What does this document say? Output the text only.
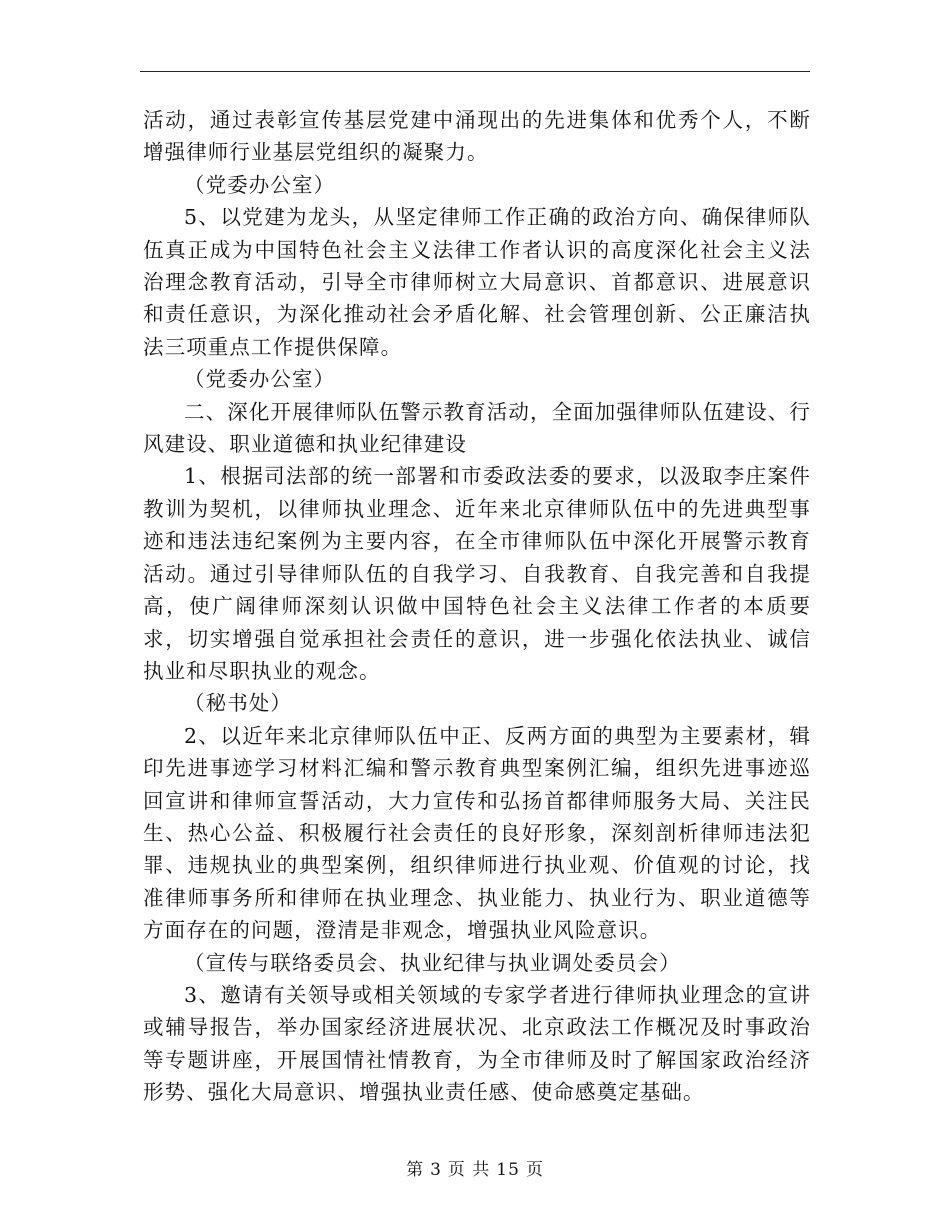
活动，通过表彰宣传基层党建中涌现出的先进集体和优秀个人，不断增强律师行业基层党组织的凝聚力。

（党委办公室）

5、以党建为龙头，从坚定律师工作正确的政治方向、确保律师队伍真正成为中国特色社会主义法律工作者认识的高度深化社会主义法治理念教育活动，引导全市律师树立大局意识、首都意识、进展意识和责任意识，为深化推动社会矛盾化解、社会管理创新、公正廉洁执法三项重点工作提供保障。

（党委办公室）

二、深化开展律师队伍警示教育活动，全面加强律师队伍建设、行风建设、职业道德和执业纪律建设

1、根据司法部的统一部署和市委政法委的要求，以汲取李庄案件教训为契机，以律师执业理念、近年来北京律师队伍中的先进典型事迹和违法违纪案例为主要内容，在全市律师队伍中深化开展警示教育活动。通过引导律师队伍的自我学习、自我教育、自我完善和自我提高，使广阔律师深刻认识做中国特色社会主义法律工作者的本质要求，切实增强自觉承担社会责任的意识，进一步强化依法执业、诚信执业和尽职执业的观念。

（秘书处）

2、以近年来北京律师队伍中正、反两方面的典型为主要素材，辑印先进事迹学习材料汇编和警示教育典型案例汇编，组织先进事迹巡回宣讲和律师宣誓活动，大力宣传和弘扬首都律师服务大局、关注民生、热心公益、积极履行社会责任的良好形象，深刻剖析律师违法犯罪、违规执业的典型案例，组织律师进行执业观、价值观的讨论，找准律师事务所和律师在执业理念、执业能力、执业行为、职业道德等方面存在的问题，澄清是非观念，增强执业风险意识。

（宣传与联络委员会、执业纪律与执业调处委员会）

3、邀请有关领导或相关领域的专家学者进行律师执业理念的宣讲或辅导报告，举办国家经济进展状况、北京政法工作概况及时事政治等专题讲座，开展国情社情教育，为全市律师及时了解国家政治经济形势、强化大局意识、增强执业责任感、使命感奠定基础。

第 3 页 共 15 页
